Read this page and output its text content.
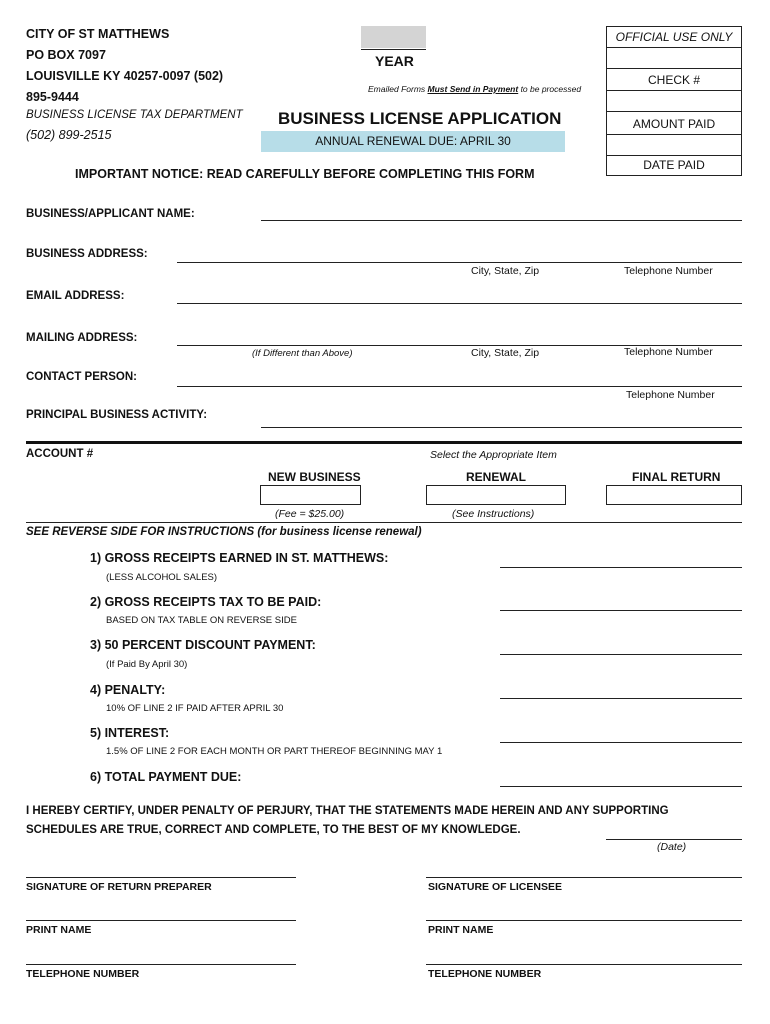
CITY OF ST MATTHEWS
PO BOX 7097
LOUISVILLE KY 40257-0097 (502)
895-9444
BUSINESS LICENSE TAX DEPARTMENT
(502) 899-2515
YEAR
Emailed Forms Must Send in Payment to be processed
BUSINESS LICENSE APPLICATION
ANNUAL RENEWAL DUE: APRIL 30
OFFICIAL USE ONLY
CHECK #
AMOUNT PAID
DATE PAID
IMPORTANT NOTICE: READ CAREFULLY BEFORE COMPLETING THIS FORM
BUSINESS/APPLICANT NAME:
BUSINESS ADDRESS:
City, State, Zip	Telephone Number
EMAIL ADDRESS:
MAILING ADDRESS:
(If Different than Above)	City, State, Zip	Telephone Number
CONTACT PERSON:
Telephone Number
PRINCIPAL BUSINESS ACTIVITY:
ACCOUNT #	Select the Appropriate Item
NEW BUSINESS	RENEWAL	FINAL RETURN
(Fee = $25.00)	(See Instructions)
SEE REVERSE SIDE FOR INSTRUCTIONS (for business license renewal)
1) GROSS RECEIPTS EARNED IN ST. MATTHEWS:
(LESS ALCOHOL SALES)
2) GROSS RECEIPTS TAX TO BE PAID:
BASED ON TAX TABLE ON REVERSE SIDE
3) 50 PERCENT DISCOUNT PAYMENT:
(If Paid By April 30)
4) PENALTY:
10% OF LINE 2 IF PAID AFTER APRIL 30
5) INTEREST:
1.5% OF LINE 2 FOR EACH MONTH OR PART THEREOF BEGINNING MAY 1
6) TOTAL PAYMENT DUE:
I HEREBY CERTIFY, UNDER PENALTY OF PERJURY, THAT THE STATEMENTS MADE HEREIN AND ANY SUPPORTING
SCHEDULES ARE TRUE, CORRECT AND COMPLETE, TO THE BEST OF MY KNOWLEDGE.
(Date)
SIGNATURE OF RETURN PREPARER	SIGNATURE OF LICENSEE
PRINT NAME	PRINT NAME
TELEPHONE NUMBER	TELEPHONE NUMBER
